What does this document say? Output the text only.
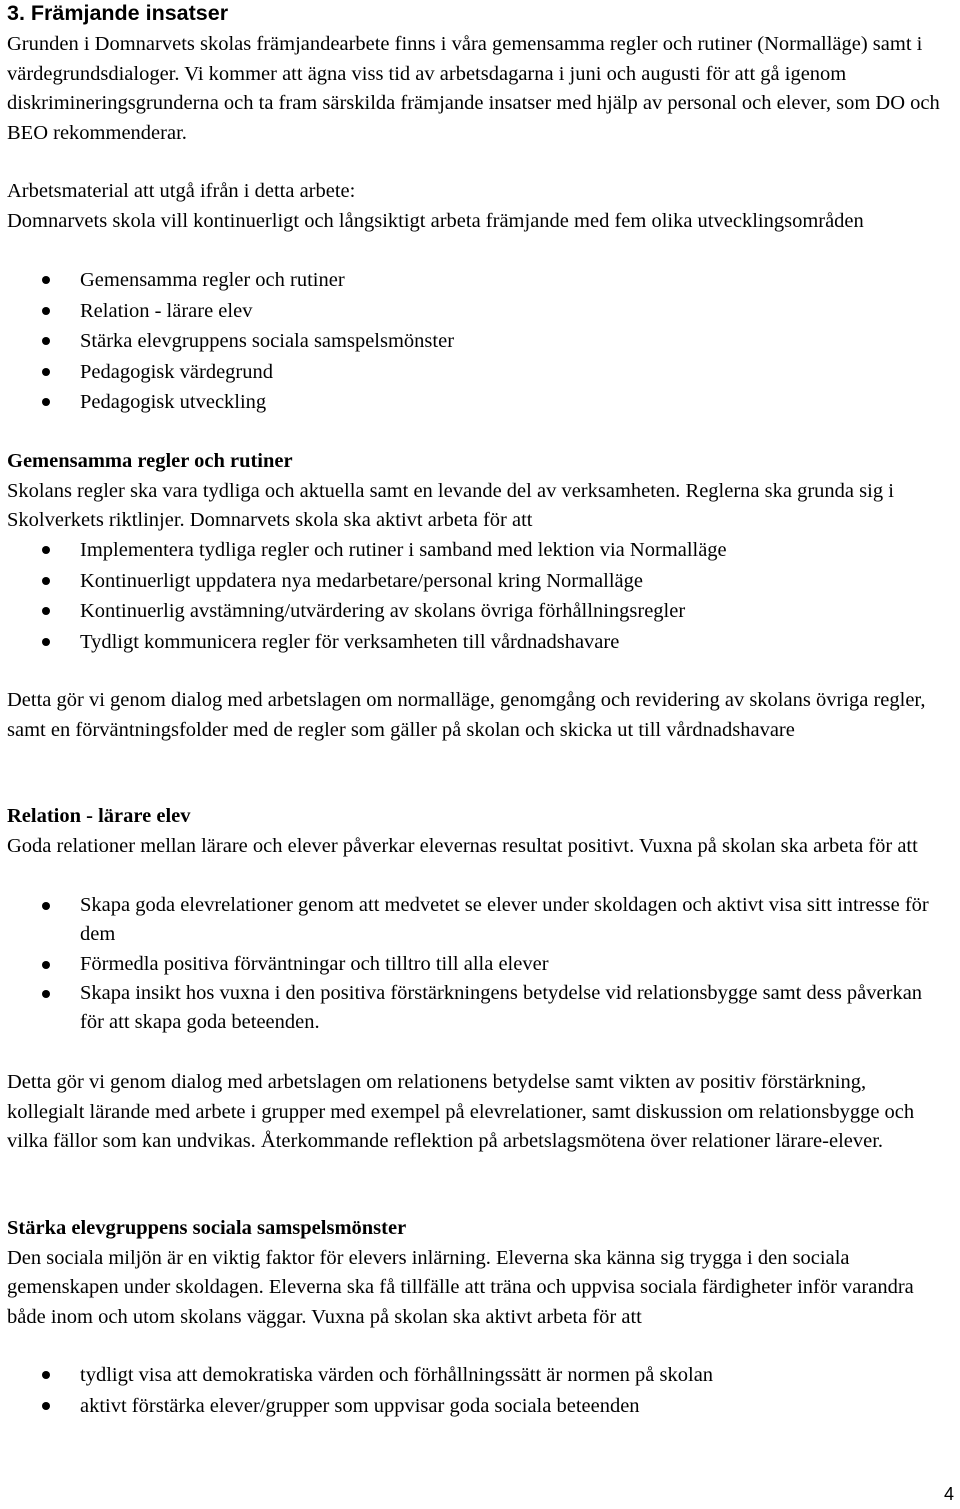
3. Främjande insatser

Grunden i Domnarvets skolas främjandearbete finns i våra gemensamma regler och rutiner (Normalläge) samt i värdegrundsdialoger. Vi kommer att ägna viss tid av arbetsdagarna i juni och augusti för att gå igenom diskrimineringsgrunderna och ta fram särskilda främjande insatser med hjälp av personal och elever, som DO och BEO rekommenderar.

Arbetsmaterial att utgå ifrån i detta arbete:

Domnarvets skola vill kontinuerligt och långsiktigt arbeta främjande med fem olika utvecklingsområden

Gemensamma regler och rutiner
Relation - lärare elev
Stärka elevgruppens sociala samspelsmönster
Pedagogisk värdegrund
Pedagogisk utveckling

Gemensamma regler och rutiner

Skolans regler ska vara tydliga och aktuella samt en levande del av verksamheten. Reglerna ska grunda sig i Skolverkets riktlinjer. Domnarvets skola ska aktivt arbeta för att

Implementera tydliga regler och rutiner i samband med lektion via Normalläge
Kontinuerligt uppdatera nya medarbetare/personal kring Normalläge
Kontinuerlig avstämning/utvärdering av skolans övriga förhållningsregler
Tydligt kommunicera regler för verksamheten till vårdnadshavare

Detta gör vi genom dialog med arbetslagen om normalläge, genomgång och revidering av skolans övriga regler, samt en förväntningsfolder med de regler som gäller på skolan och skicka ut till vårdnadshavare

Relation - lärare elev

Goda relationer mellan lärare och elever påverkar elevernas resultat positivt. Vuxna på skolan ska arbeta för att

Skapa goda elevrelationer genom att medvetet se elever under skoldagen och aktivt visa sitt intresse för dem
Förmedla positiva förväntningar och tilltro till alla elever
Skapa insikt hos vuxna i den positiva förstärkningens betydelse vid relationsbygge samt dess påverkan för att skapa goda beteenden.

Detta gör vi genom dialog med arbetslagen om relationens betydelse samt vikten av positiv förstärkning, kollegialt lärande med arbete i grupper med exempel på elevrelationer, samt diskussion om relationsbygge och vilka fällor som kan undvikas. Återkommande reflektion på arbetslagsmötena över relationer lärare-elever.

Stärka elevgruppens sociala samspelsmönster

Den sociala miljön är en viktig faktor för elevers inlärning. Eleverna ska känna sig trygga i den sociala gemenskapen under skoldagen. Eleverna ska få tillfälle att träna och uppvisa sociala färdigheter inför varandra både inom och utom skolans väggar. Vuxna på skolan ska aktivt arbeta för att

tydligt visa att demokratiska värden och förhållningssätt är normen på skolan
aktivt förstärka elever/grupper som uppvisar goda sociala beteenden

4
